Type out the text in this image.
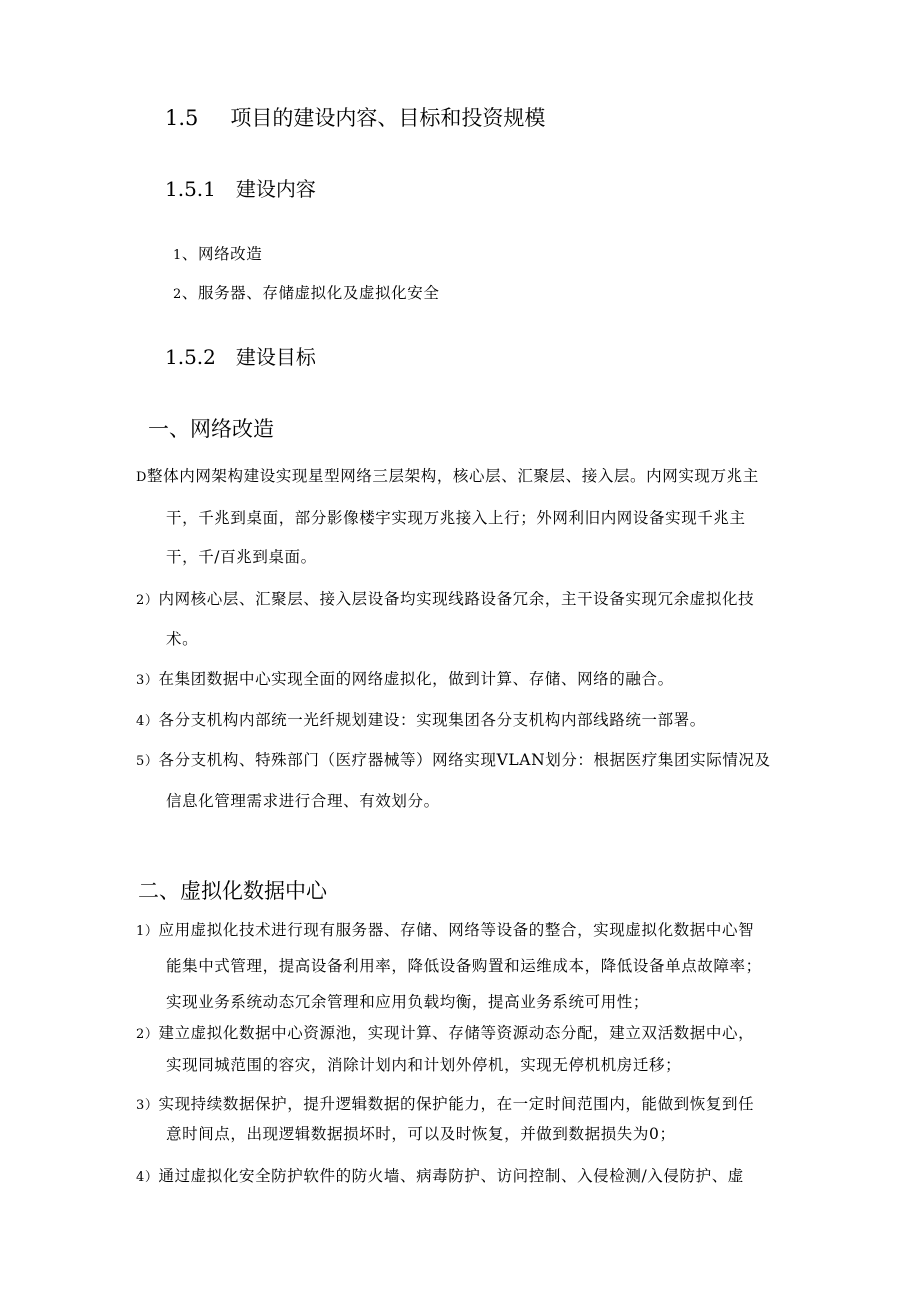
1.5 项目的建设内容、目标和投资规模
1.5.1 建设内容
1、网络改造
2、服务器、存储虚拟化及虚拟化安全
1.5.2 建设目标
一、网络改造
D整体内网架构建设实现星型网络三层架构，核心层、汇聚层、接入层。内网实现万兆主
干，千兆到桌面，部分影像楼宇实现万兆接入上行；外网利旧内网设备实现千兆主
干，千/百兆到桌面。
2）内网核心层、汇聚层、接入层设备均实现线路设备冗余，主干设备实现冗余虚拟化技
术。
3）在集团数据中心实现全面的网络虚拟化，做到计算、存储、网络的融合。
4）各分支机构内部统一光纤规划建设：实现集团各分支机构内部线路统一部署。
5）各分支机构、特殊部门（医疗器械等）网络实现VLAN划分：根据医疗集团实际情况及
信息化管理需求进行合理、有效划分。
二、虚拟化数据中心
1）应用虚拟化技术进行现有服务器、存储、网络等设备的整合，实现虚拟化数据中心智
能集中式管理，提高设备利用率，降低设备购置和运维成本，降低设备单点故障率；
实现业务系统动态冗余管理和应用负载均衡，提高业务系统可用性；
2）建立虚拟化数据中心资源池，实现计算、存储等资源动态分配，建立双活数据中心，
实现同城范围的容灾，消除计划内和计划外停机，实现无停机机房迁移；
3）实现持续数据保护，提升逻辑数据的保护能力，在一定时间范围内，能做到恢复到任
意时间点，出现逻辑数据损坏时，可以及时恢复，并做到数据损失为0；
4）通过虚拟化安全防护软件的防火墙、病毒防护、访问控制、入侵检测/入侵防护、虚
